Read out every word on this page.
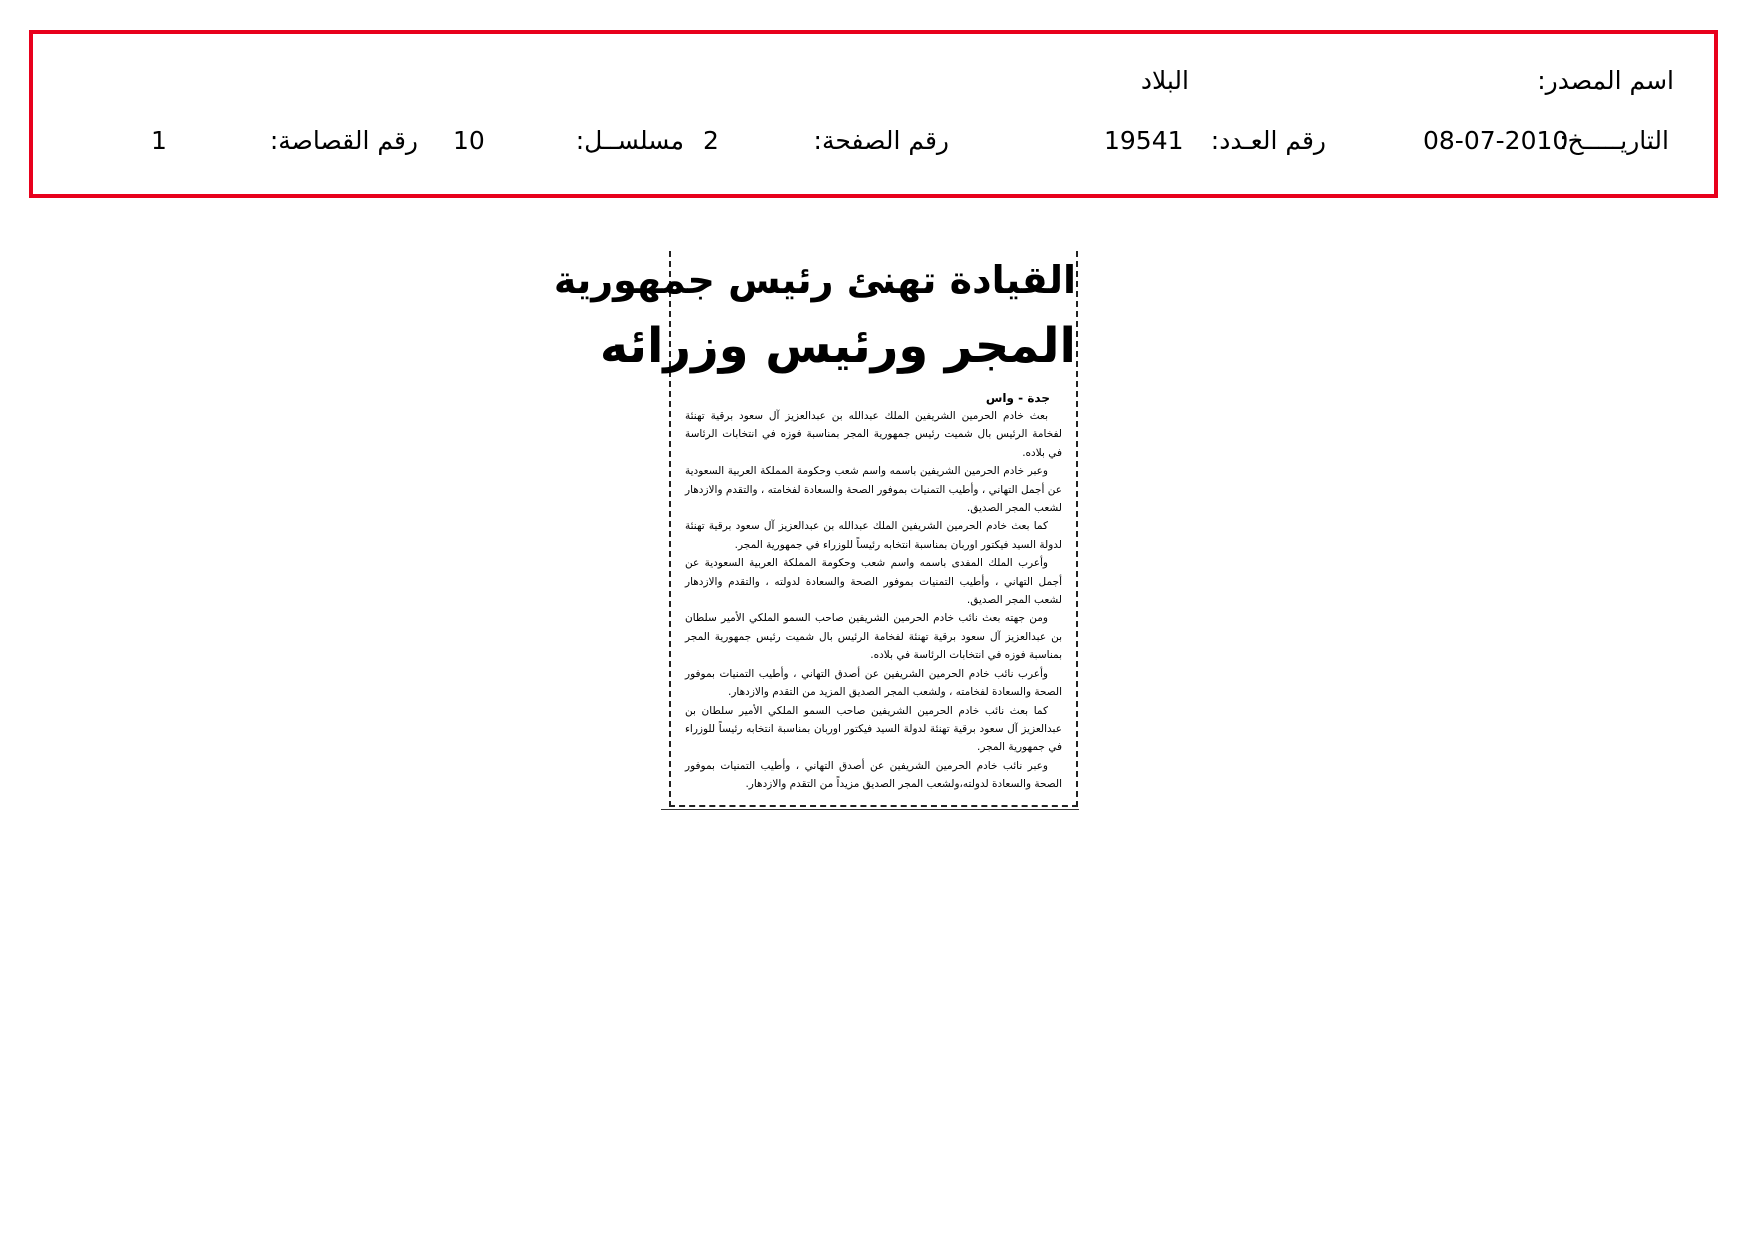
اسم المصدر:
البلاد
التاريـــــخ:
08-07-2010
رقم العـدد:
19541
رقم الصفحة:
2
مسلســل:
10
رقم القصاصة:
1
القيادة تهنئ رئيس جمهورية
المجر ورئيس وزرائه
جدة - واس

بعث خادم الحرمين الشريفين الملك عبدالله بن عبدالعزيز آل سعود برقية تهنئة لفخامة الرئيس بال شميت رئيس جمهورية المجر بمناسبة فوزه في انتخابات الرئاسة في بلاده.

وعبر خادم الحرمين الشريفين باسمه واسم شعب وحكومة المملكة العربية السعودية عن أجمل التهاني ، وأطيب التمنيات بموفور الصحة والسعادة لفخامته ، والتقدم والازدهار لشعب المجر الصديق.

كما بعث خادم الحرمين الشريفين الملك عبدالله بن عبدالعزيز آل سعود برقية تهنئة لدولة السيد فيكتور اوربان بمناسبة انتخابه رئيساً للوزراء في جمهورية المجر.

وأعرب الملك المفدى باسمه واسم شعب وحكومة المملكة العربية السعودية عن أجمل التهاني ، وأطيب التمنيات بموفور الصحة والسعادة لدولته ، والتقدم والازدهار لشعب المجر الصديق.

ومن جهته بعث نائب خادم الحرمين الشريفين صاحب السمو الملكي الأمير سلطان بن عبدالعزيز آل سعود برقية تهنئة لفخامة الرئيس بال شميت رئيس جمهورية المجر بمناسبة فوزه في انتخابات الرئاسة في بلاده.

وأعرب نائب خادم الحرمين الشريفين عن أصدق التهاني ، وأطيب التمنيات بموفور الصحة والسعادة لفخامته ، ولشعب المجر الصديق المزيد من التقدم والازدهار.

كما بعث نائب خادم الحرمين الشريفين صاحب السمو الملكي الأمير سلطان بن عبدالعزيز آل سعود برقية تهنئة لدولة السيد فيكتور اوربان بمناسبة انتخابه رئيساً للوزراء في جمهورية المجر.

وعبر نائب خادم الحرمين الشريفين عن أصدق التهاني ، وأطيب التمنيات بموفور الصحة والسعادة لدولته،ولشعب المجر الصديق مزيداً من التقدم والازدهار.
